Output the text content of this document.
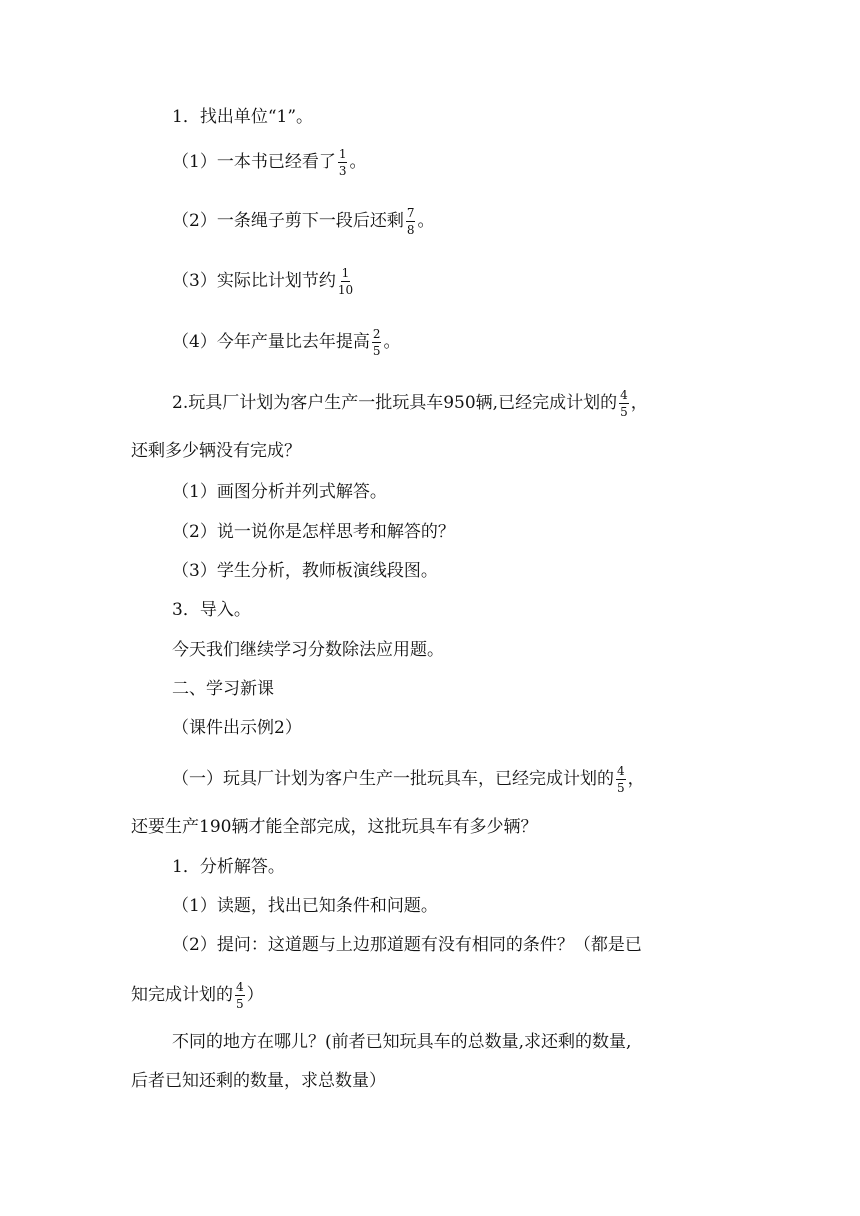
1．找出单位“1”。
（1）一本书已经看了 $\frac{1}{3}$ 。
（2）一条绳子剪下一段后还剩 $\frac{7}{8}$ 。
（3）实际比计划节约 $\frac{1}{10}$
（4）今年产量比去年提高 $\frac{2}{5}$ 。
2.玩具厂计划为客户生产一批玩具车950辆,已经完成计划的 $\frac{4}{5}$ ，
还剩多少辆没有完成？
（1）画图分析并列式解答。
（2）说一说你是怎样思考和解答的？
（3）学生分析，教师板演线段图。
3．导入。
今天我们继续学习分数除法应用题。
二、学习新课
（课件出示例2）
（一）玩具厂计划为客户生产一批玩具车，已经完成计划的 $\frac{4}{5}$ ，
还要生产190辆才能全部完成，这批玩具车有多少辆？
1．分析解答。
（1）读题，找出已知条件和问题。
（2）提问：这道题与上边那道题有没有相同的条件？（都是已
知完成计划的 $\frac{4}{5}$ ）
不同的地方在哪儿？(前者已知玩具车的总数量,求还剩的数量,
后者已知还剩的数量，求总数量）
